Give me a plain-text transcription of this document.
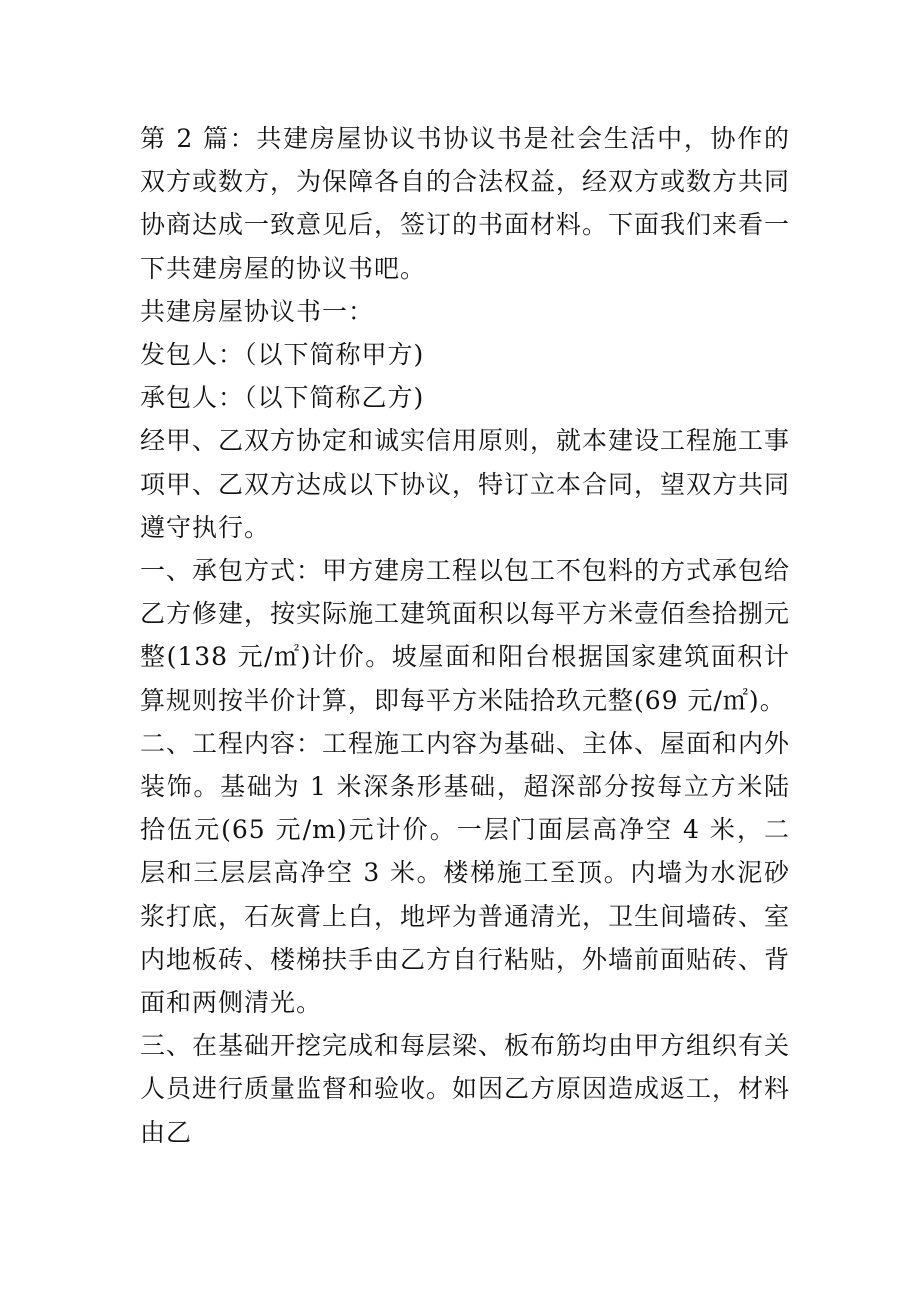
第 2 篇：共建房屋协议书协议书是社会生活中，协作的双方或数方，为保障各自的合法权益，经双方或数方共同协商达成一致意见后，签订的书面材料。下面我们来看一下共建房屋的协议书吧。

共建房屋协议书一：

发包人：（以下简称甲方)

承包人：（以下简称乙方)

经甲、乙双方协定和诚实信用原则，就本建设工程施工事项甲、乙双方达成以下协议，特订立本合同，望双方共同遵守执行。

一、承包方式：甲方建房工程以包工不包料的方式承包给乙方修建，按实际施工建筑面积以每平方米壹佰叁拾捌元整(138 元/㎡)计价。坡屋面和阳台根据国家建筑面积计算规则按半价计算，即每平方米陆拾玖元整(69 元/㎡)。

二、工程内容：工程施工内容为基础、主体、屋面和内外装饰。基础为 1 米深条形基础，超深部分按每立方米陆拾伍元(65 元/m)元计价。一层门面层高净空 4 米，二层和三层层高净空 3 米。楼梯施工至顶。内墙为水泥砂浆打底，石灰膏上白，地坪为普通清光，卫生间墙砖、室内地板砖、楼梯扶手由乙方自行粘贴，外墙前面贴砖、背面和两侧清光。

三、在基础开挖完成和每层梁、板布筋均由甲方组织有关人员进行质量监督和验收。如因乙方原因造成返工，材料由乙
